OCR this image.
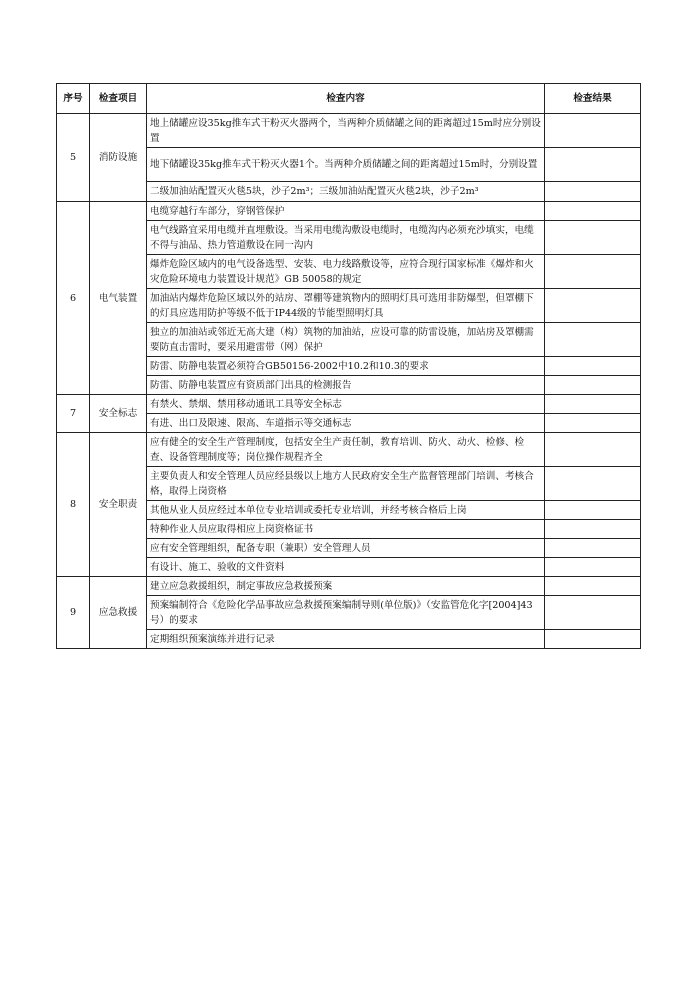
序号	检查项目	检查内容	检查结果
5	消防设施	地上储罐应设35kg推车式干粉灭火器两个，当两种介质储罐之间的距离超过15m时应分别设置	
		地下储罐设35kg推车式干粉灭火器1个。当两种介质储罐之间的距离超过15m时，分别设置	
		二级加油站配置灭火毯5块，沙子2m³；三级加油站配置灭火毯2块，沙子2m³	
6	电气装置	电缆穿越行车部分，穿钢管保护	
		电气线路宜采用电缆并直埋敷设。当采用电缆沟敷设电缆时，电缆沟内必须充沙填实，电缆不得与油品、热力管道敷设在同一沟内	
		爆炸危险区域内的电气设备选型、安装、电力线路敷设等，应符合现行国家标准《爆炸和火灾危险环境电力装置设计规范》GB 50058的规定	
		加油站内爆炸危险区域以外的站房、罩棚等建筑物内的照明灯具可选用非防爆型，但罩棚下的灯具应选用防护等级不低于IP44级的节能型照明灯具	
		独立的加油站或邻近无高大建（构）筑物的加油站，应设可靠的防雷设施，加站房及罩棚需要防直击雷时，要采用避雷带（网）保护	
		防雷、防静电装置必须符合GB50156-2002中10.2和10.3的要求	
		防雷、防静电装置应有资质部门出具的检测报告	
7	安全标志	有禁火、禁烟、禁用移动通讯工具等安全标志	
		有进、出口及限速、限高、车道指示等交通标志	
8	安全职责	应有健全的安全生产管理制度，包括安全生产责任制，教育培训、防火、动火、检修、检查、设备管理制度等；岗位操作规程齐全	
		主要负责人和安全管理人员应经县级以上地方人民政府安全生产监督管理部门培训、考核合格，取得上岗资格	
		其他从业人员应经过本单位专业培训或委托专业培训，并经考核合格后上岗	
		特种作业人员应取得相应上岗资格证书	
		应有安全管理组织，配备专职（兼职）安全管理人员	
		有设计、施工、验收的文件资料	
9	应急救援	建立应急救援组织，制定事故应急救援预案	
		预案编制符合《危险化学品事故应急救援预案编制导则(单位版)》（安监管危化字[2004]43号）的要求	
		定期组织预案演练并进行记录	
